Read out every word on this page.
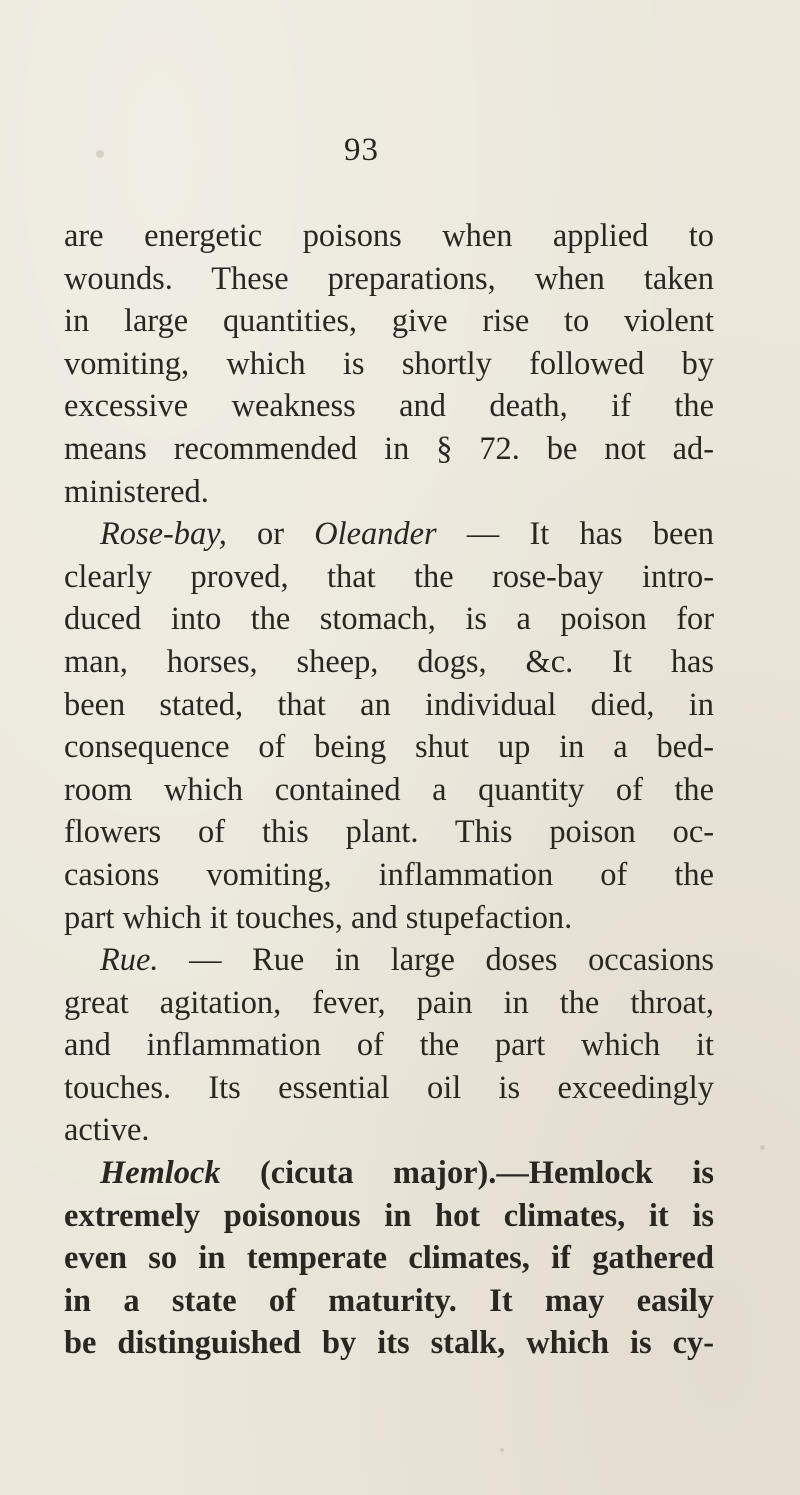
93
are energetic poisons when applied to
wounds. These preparations, when taken
in large quantities, give rise to violent
vomiting, which is shortly followed by
excessive weakness and death, if the
means recommended in § 72. be not ad-
ministered.
Rose-bay, or Oleander — It has been
clearly proved, that the rose-bay intro-
duced into the stomach, is a poison for
man, horses, sheep, dogs, &c. It has
been stated, that an individual died, in
consequence of being shut up in a bed-
room which contained a quantity of the
flowers of this plant. This poison oc-
casions vomiting, inflammation of the
part which it touches, and stupefaction.
Rue. — Rue in large doses occasions
great agitation, fever, pain in the throat,
and inflammation of the part which it
touches. Its essential oil is exceedingly
active.
Hemlock (cicuta major).—Hemlock is
extremely poisonous in hot climates, it is
even so in temperate climates, if gathered
in a state of maturity. It may easily
be distinguished by its stalk, which is cy-
